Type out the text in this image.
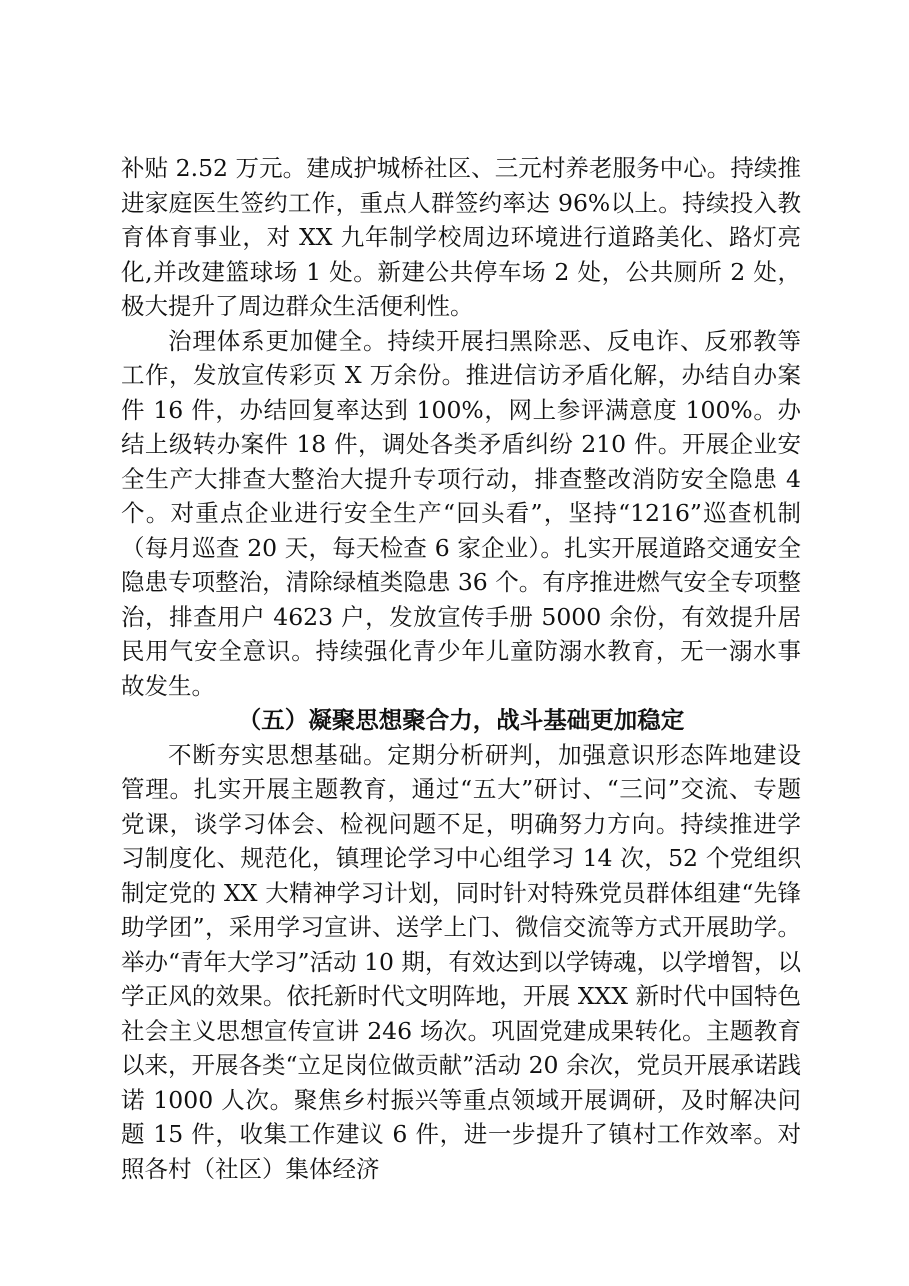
补贴 2.52 万元。建成护城桥社区、三元村养老服务中心。持续推进家庭医生签约工作，重点人群签约率达 96%以上。持续投入教育体育事业，对 XX 九年制学校周边环境进行道路美化、路灯亮化,并改建篮球场 1 处。新建公共停车场 2 处，公共厕所 2 处，极大提升了周边群众生活便利性。

治理体系更加健全。持续开展扫黑除恶、反电诈、反邪教等工作，发放宣传彩页 X 万余份。推进信访矛盾化解，办结自办案件 16 件，办结回复率达到 100%，网上参评满意度 100%。办结上级转办案件 18 件，调处各类矛盾纠纷 210 件。开展企业安全生产大排查大整治大提升专项行动，排查整改消防安全隐患 4 个。对重点企业进行安全生产“回头看”，坚持“1216”巡查机制（每月巡查 20 天，每天检查 6 家企业）。扎实开展道路交通安全隐患专项整治，清除绿植类隐患 36 个。有序推进燃气安全专项整治，排查用户 4623 户，发放宣传手册 5000 余份，有效提升居民用气安全意识。持续强化青少年儿童防溺水教育，无一溺水事故发生。

（五）凝聚思想聚合力，战斗基础更加稳定

不断夯实思想基础。定期分析研判，加强意识形态阵地建设管理。扎实开展主题教育，通过“五大”研讨、“三问”交流、专题党课，谈学习体会、检视问题不足，明确努力方向。持续推进学习制度化、规范化，镇理论学习中心组学习 14 次，52 个党组织制定党的 XX 大精神学习计划，同时针对特殊党员群体组建“先锋助学团”，采用学习宣讲、送学上门、微信交流等方式开展助学。举办“青年大学习”活动 10 期，有效达到以学铸魂，以学增智，以学正风的效果。依托新时代文明阵地，开展 XXX 新时代中国特色社会主义思想宣传宣讲 246 场次。巩固党建成果转化。主题教育以来，开展各类“立足岗位做贡献”活动 20 余次，党员开展承诺践诺 1000 人次。聚焦乡村振兴等重点领域开展调研，及时解决问题 15 件，收集工作建议 6 件，进一步提升了镇村工作效率。对照各村（社区）集体经济
